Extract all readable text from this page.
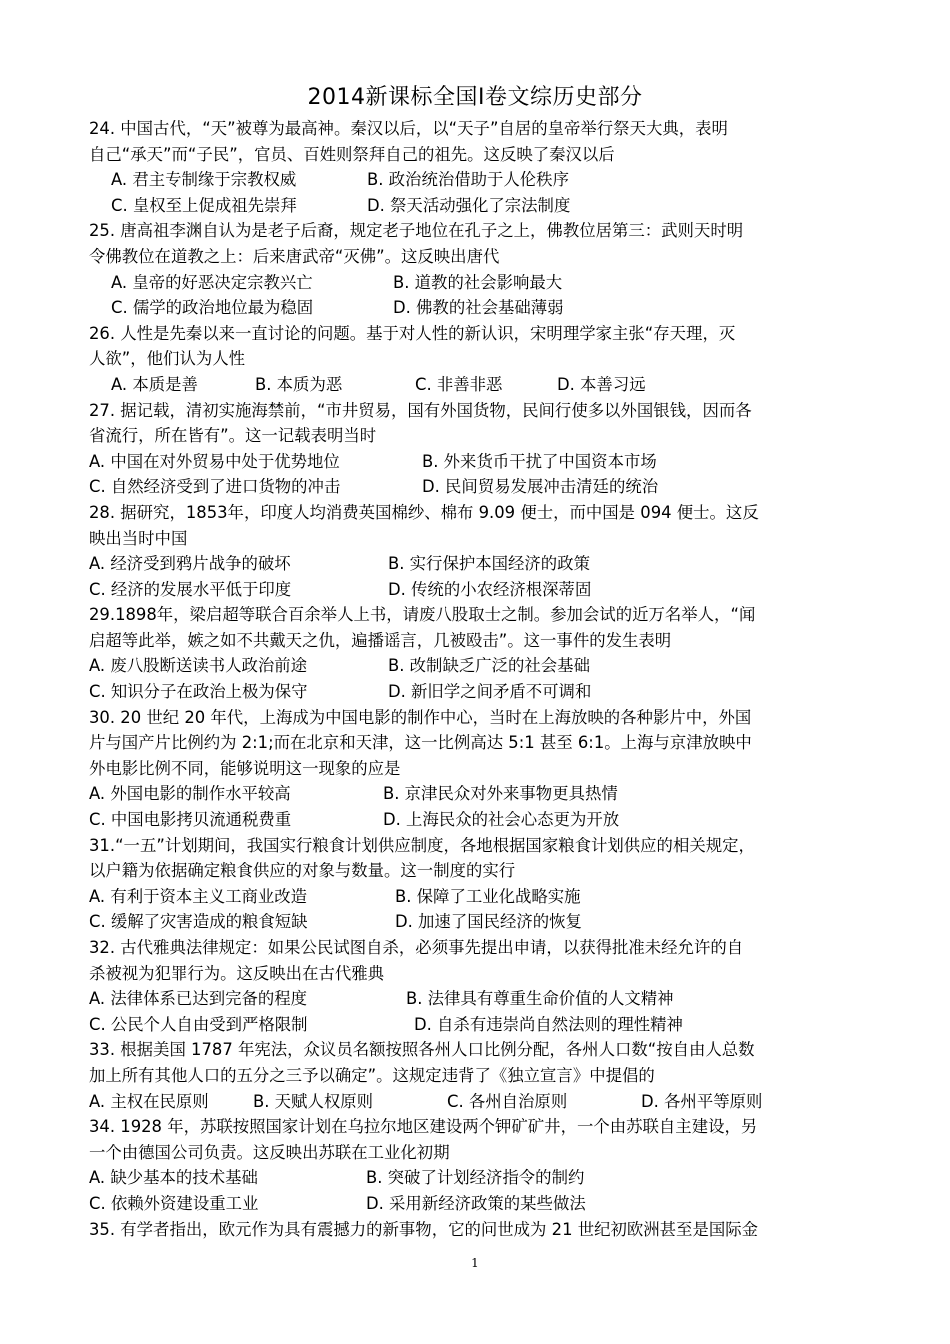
2014新课标全国Ⅰ卷文综历史部分
24. 中国古代，“天”被尊为最高神。秦汉以后，以“天子”自居的皇帝举行祭天大典，表明
自己“承天”而“子民”，官员、百姓则祭拜自己的祖先。这反映了秦汉以后
A. 君主专制缘于宗教权威	B. 政治统治借助于人伦秩序
C. 皇权至上促成祖先崇拜	D. 祭天活动强化了宗法制度
25. 唐高祖李渊自认为是老子后裔，规定老子地位在孔子之上，佛教位居第三：武则天时明
令佛教位在道教之上：后来唐武帝“灭佛”。这反映出唐代
A. 皇帝的好恶决定宗教兴亡	B. 道教的社会影响最大
C. 儒学的政治地位最为稳固	D. 佛教的社会基础薄弱
26. 人性是先秦以来一直讨论的问题。基于对人性的新认识，宋明理学家主张“存天理，灭
人欲”，他们认为人性
A. 本质是善	B. 本质为恶	C. 非善非恶	D. 本善习远
27. 据记载，清初实施海禁前，“市井贸易，国有外国货物，民间行使多以外国银钱，因而各
省流行，所在皆有”。这一记载表明当时
A. 中国在对外贸易中处于优势地位	B. 外来货币干扰了中国资本市场
C. 自然经济受到了进口货物的冲击	D. 民间贸易发展冲击清廷的统治
28. 据研究，1853年，印度人均消费英国棉纱、棉布 9.09 便士，而中国是 094 便士。这反
映出当时中国
A. 经济受到鸦片战争的破坏	B. 实行保护本国经济的政策
C. 经济的发展水平低于印度	D. 传统的小农经济根深蒂固
29.1898年，梁启超等联合百余举人上书，请废八股取士之制。参加会试的近万名举人，“闻
启超等此举，嫉之如不共戴天之仇，遍播谣言，几被殴击”。这一事件的发生表明
A. 废八股断送读书人政治前途	B. 改制缺乏广泛的社会基础
C. 知识分子在政治上极为保守	D. 新旧学之间矛盾不可调和
30. 20 世纪 20 年代，上海成为中国电影的制作中心，当时在上海放映的各种影片中，外国
片与国产片比例约为 2:1;而在北京和天津，这一比例高达 5:1 甚至 6:1。上海与京津放映中
外电影比例不同，能够说明这一现象的应是
A. 外国电影的制作水平较高	B. 京津民众对外来事物更具热情
C. 中国电影拷贝流通税费重	D. 上海民众的社会心态更为开放
31.“一五”计划期间，我国实行粮食计划供应制度，各地根据国家粮食计划供应的相关规定，
以户籍为依据确定粮食供应的对象与数量。这一制度的实行
A. 有利于资本主义工商业改造	B. 保障了工业化战略实施
C. 缓解了灾害造成的粮食短缺	D. 加速了国民经济的恢复
32. 古代雅典法律规定：如果公民试图自杀，必须事先提出申请，以获得批准未经允许的自
杀被视为犯罪行为。这反映出在古代雅典
A. 法律体系已达到完备的程度	B. 法律具有尊重生命价值的人文精神
C. 公民个人自由受到严格限制	D. 自杀有违崇尚自然法则的理性精神
33. 根据美国 1787 年宪法，众议员名额按照各州人口比例分配，各州人口数“按自由人总数
加上所有其他人口的五分之三予以确定”。这规定违背了《独立宣言》中提倡的
A. 主权在民原则	B. 天赋人权原则	C. 各州自治原则	D. 各州平等原则
34. 1928 年，苏联按照国家计划在乌拉尔地区建设两个钾矿矿井，一个由苏联自主建设，另
一个由德国公司负责。这反映出苏联在工业化初期
A. 缺少基本的技术基础	B. 突破了计划经济指令的制约
C. 依赖外资建设重工业	D. 采用新经济政策的某些做法
35. 有学者指出，欧元作为具有震撼力的新事物，它的问世成为 21 世纪初欧洲甚至是国际金
1
